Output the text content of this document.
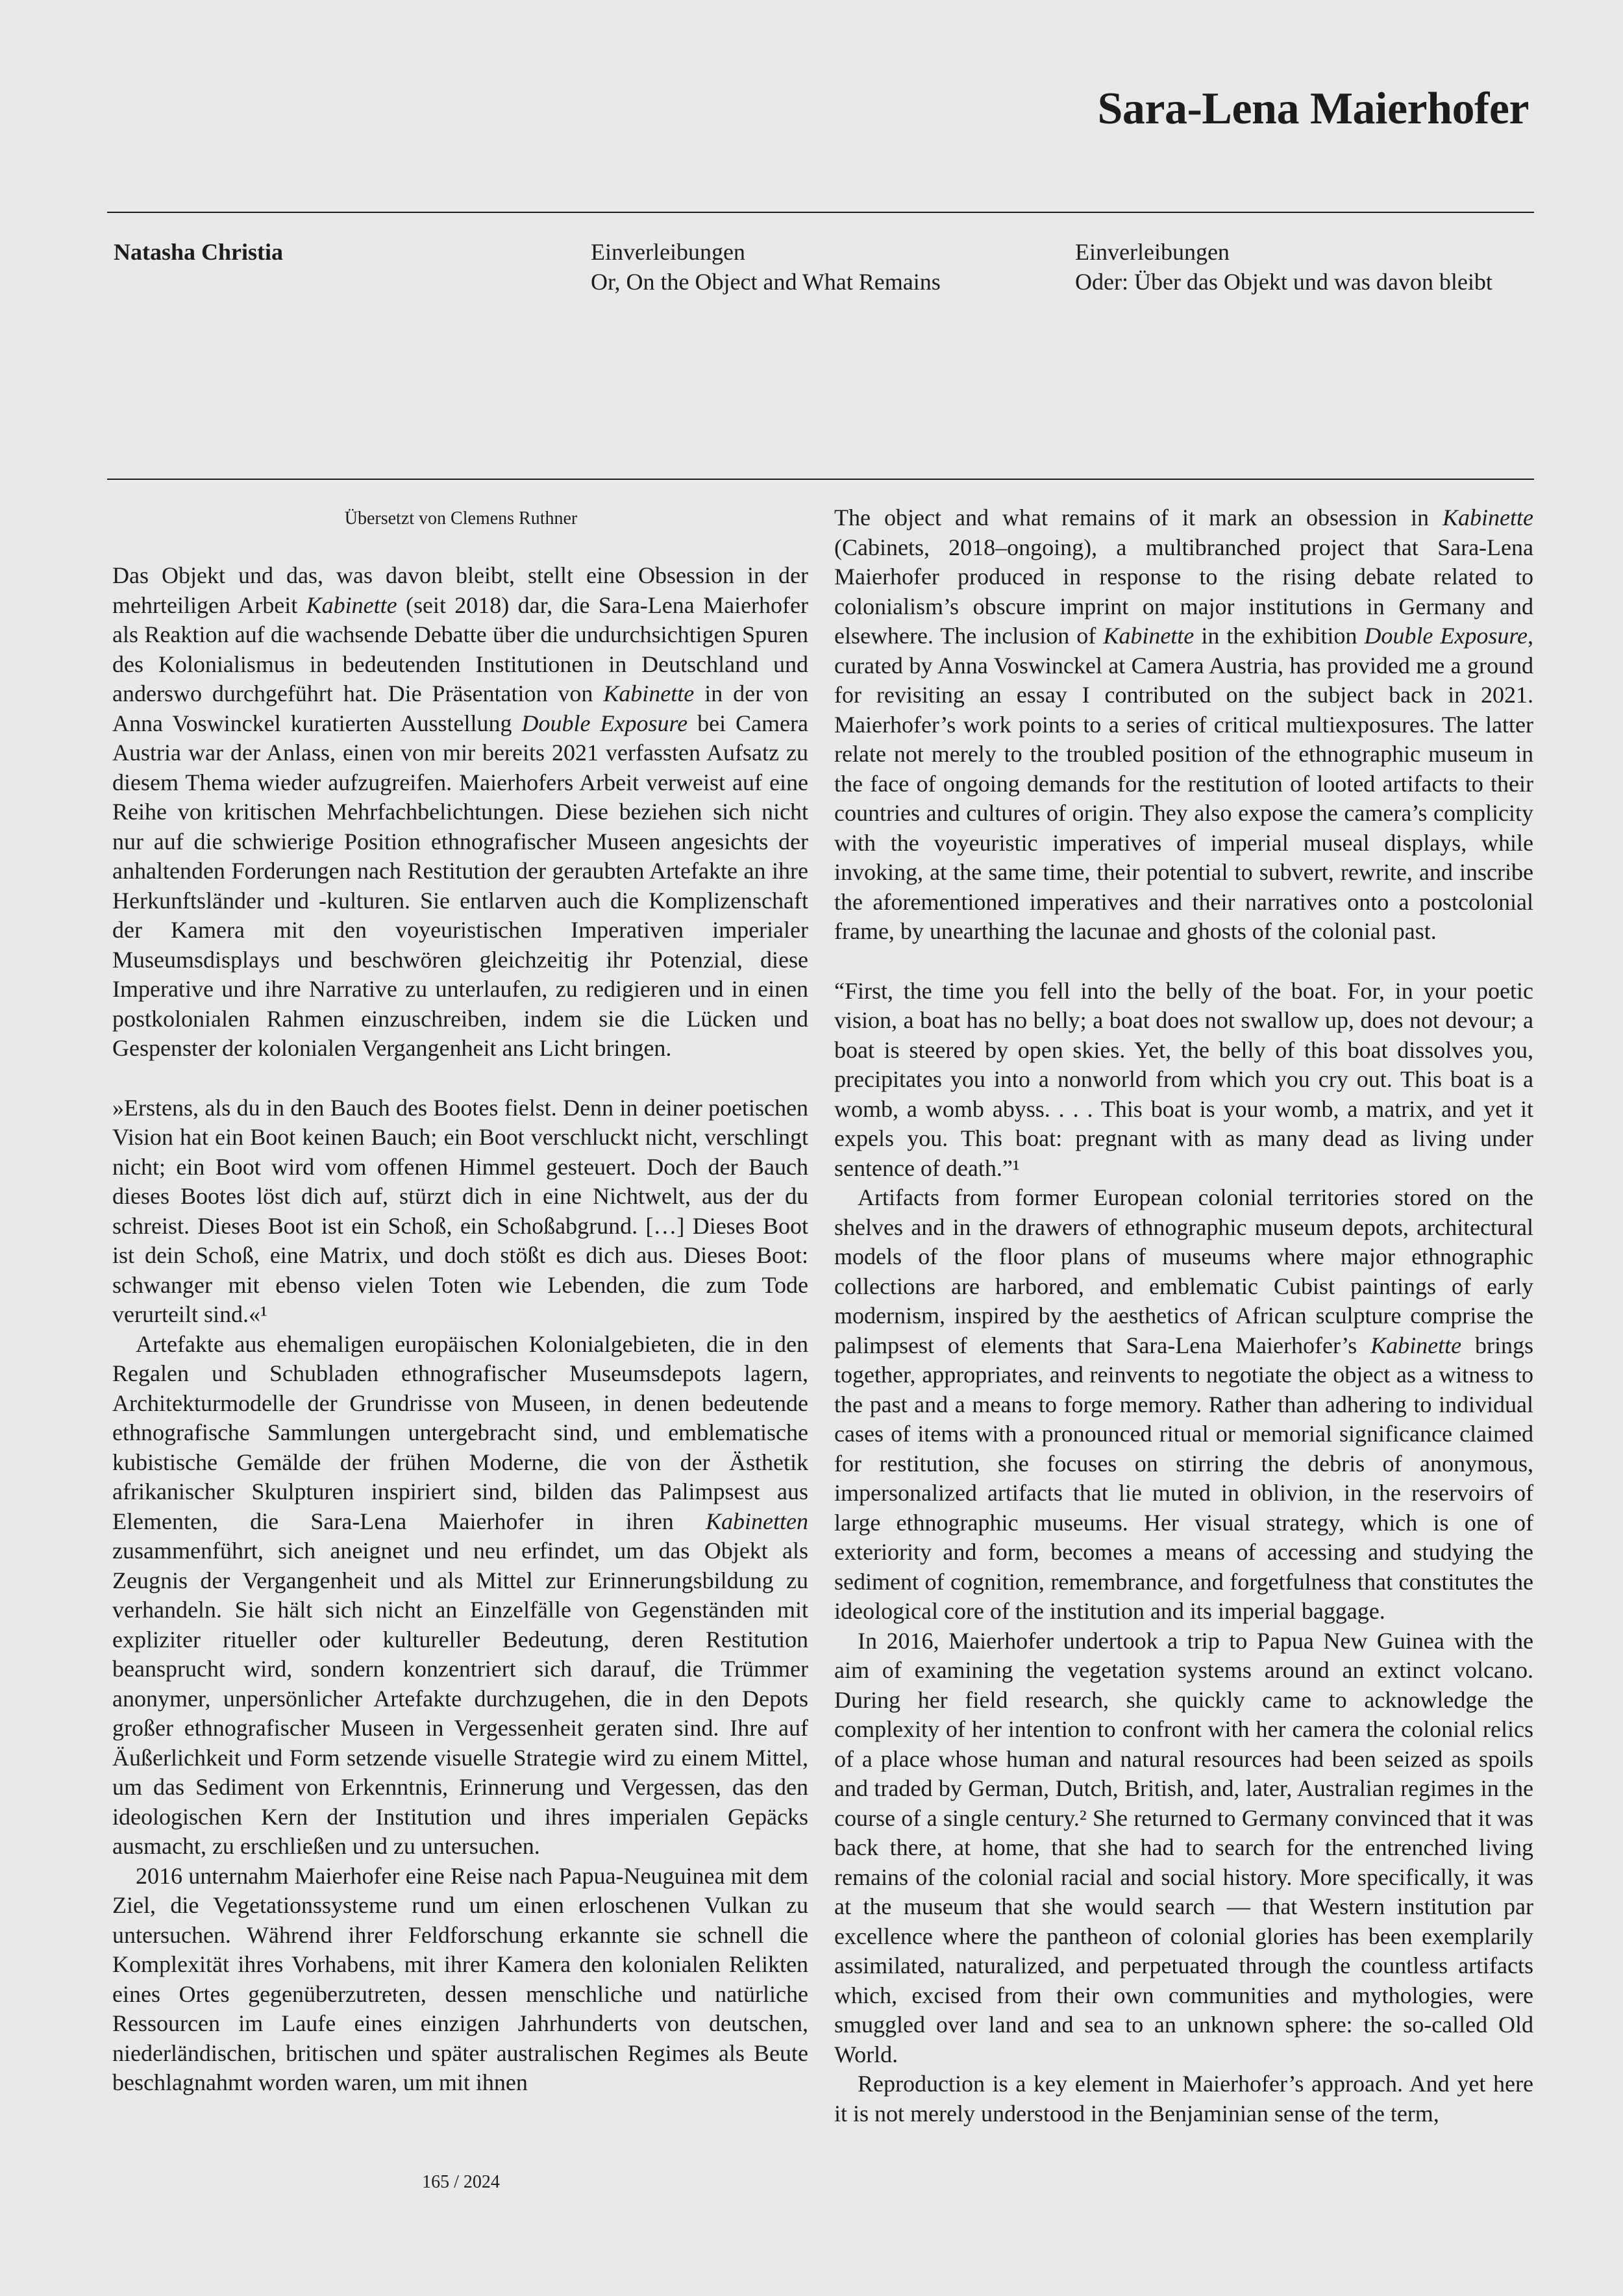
Sara-Lena Maierhofer
Natasha Christia	Einverleibungen
Or, On the Object and What Remains
Einverleibungen
Oder: Über das Objekt und was davon bleibt
Übersetzt von Clemens Ruthner

Das Objekt und das, was davon bleibt, stellt eine Obsession in der mehrteiligen Arbeit Kabinette (seit 2018) dar, die Sara-Lena Maierhofer als Reaktion auf die wachsende Debatte über die undurchsichtigen Spuren des Kolonialismus in bedeutenden Institutionen in Deutschland und anderswo durchgeführt hat. Die Präsentation von Kabinette in der von Anna Voswinckel kuratierten Ausstellung Double Exposure bei Camera Austria war der Anlass, einen von mir bereits 2021 verfassten Aufsatz zu diesem Thema wieder aufzugreifen. Maierhofers Arbeit verweist auf eine Reihe von kritischen Mehrfachbelichtungen. Diese beziehen sich nicht nur auf die schwierige Position ethnografischer Museen angesichts der anhaltenden Forderungen nach Restitution der geraubten Artefakte an ihre Herkunftsländer und -kulturen. Sie entlarven auch die Komplizenschaft der Kamera mit den voyeuristischen Imperativen imperialer Museumsdisplays und beschwören gleichzeitig ihr Potenzial, diese Imperative und ihre Narrative zu unterlaufen, zu redigieren und in einen postkolonialen Rahmen einzuschreiben, indem sie die Lücken und Gespenster der kolonialen Vergangenheit ans Licht bringen.

»Erstens, als du in den Bauch des Bootes fielst. Denn in deiner poetischen Vision hat ein Boot keinen Bauch; ein Boot verschluckt nicht, verschlingt nicht; ein Boot wird vom offenen Himmel gesteuert. Doch der Bauch dieses Bootes löst dich auf, stürzt dich in eine Nichtwelt, aus der du schreist. Dieses Boot ist ein Schoß, ein Schoßabgrund. […] Dieses Boot ist dein Schoß, eine Matrix, und doch stößt es dich aus. Dieses Boot: schwanger mit ebenso vielen Toten wie Lebenden, die zum Tode verurteilt sind.«¹

Artefakte aus ehemaligen europäischen Kolonialgebieten, die in den Regalen und Schubladen ethnografischer Museumsdepots lagern, Architekturmodelle der Grundrisse von Museen, in denen bedeutende ethnografische Sammlungen untergebracht sind, und emblematische kubistische Gemälde der frühen Moderne, die von der Ästhetik afrikanischer Skulpturen inspiriert sind, bilden das Palimpsest aus Elementen, die Sara-Lena Maierhofer in ihren Kabinetten zusammenführt, sich aneignet und neu erfindet, um das Objekt als Zeugnis der Vergangenheit und als Mittel zur Erinnerungsbildung zu verhandeln. Sie hält sich nicht an Einzelfälle von Gegenständen mit expliziter ritueller oder kultureller Bedeutung, deren Restitution beansprucht wird, sondern konzentriert sich darauf, die Trümmer anonymer, unpersönlicher Artefakte durchzugehen, die in den Depots großer ethnografischer Museen in Vergessenheit geraten sind. Ihre auf Äußerlichkeit und Form setzende visuelle Strategie wird zu einem Mittel, um das Sediment von Erkenntnis, Erinnerung und Vergessen, das den ideologischen Kern der Institution und ihres imperialen Gepäcks ausmacht, zu erschließen und zu untersuchen.

2016 unternahm Maierhofer eine Reise nach Papua-Neuguinea mit dem Ziel, die Vegetationssysteme rund um einen erloschenen Vulkan zu untersuchen. Während ihrer Feldforschung erkannte sie schnell die Komplexität ihres Vorhabens, mit ihrer Kamera den kolonialen Relikten eines Ortes gegenüberzutreten, dessen menschliche und natürliche Ressourcen im Laufe eines einzigen Jahrhunderts von deutschen, niederländischen, britischen und später australischen Regimes als Beute beschlagnahmt worden waren, um mit ihnen

The object and what remains of it mark an obsession in Kabinette (Cabinets, 2018–ongoing), a multibranched project that Sara-Lena Maierhofer produced in response to the rising debate related to colonialism’s obscure imprint on major institutions in Germany and elsewhere. The inclusion of Kabinette in the exhibition Double Exposure, curated by Anna Voswinckel at Camera Austria, has provided me a ground for revisiting an essay I contributed on the subject back in 2021. Maierhofer’s work points to a series of critical multiexposures. The latter relate not merely to the troubled position of the ethnographic museum in the face of ongoing demands for the restitution of looted artifacts to their countries and cultures of origin. They also expose the camera’s complicity with the voyeuristic imperatives of imperial museal displays, while invoking, at the same time, their potential to subvert, rewrite, and inscribe the aforementioned imperatives and their narratives onto a postcolonial frame, by unearthing the lacunae and ghosts of the colonial past.

“First, the time you fell into the belly of the boat. For, in your poetic vision, a boat has no belly; a boat does not swallow up, does not devour; a boat is steered by open skies. Yet, the belly of this boat dissolves you, precipitates you into a nonworld from which you cry out. This boat is a womb, a womb abyss. . . . This boat is your womb, a matrix, and yet it expels you. This boat: pregnant with as many dead as living under sentence of death.”¹

Artifacts from former European colonial territories stored on the shelves and in the drawers of ethnographic museum depots, architectural models of the floor plans of museums where major ethnographic collections are harbored, and emblematic Cubist paintings of early modernism, inspired by the aesthetics of African sculpture comprise the palimpsest of elements that Sara-Lena Maierhofer’s Kabinette brings together, appropriates, and reinvents to negotiate the object as a witness to the past and a means to forge memory. Rather than adhering to individual cases of items with a pronounced ritual or memorial significance claimed for restitution, she focuses on stirring the debris of anonymous, impersonalized artifacts that lie muted in oblivion, in the reservoirs of large ethnographic museums. Her visual strategy, which is one of exteriority and form, becomes a means of accessing and studying the sediment of cognition, remembrance, and forgetfulness that constitutes the ideological core of the institution and its imperial baggage.

In 2016, Maierhofer undertook a trip to Papua New Guinea with the aim of examining the vegetation systems around an extinct volcano. During her field research, she quickly came to acknowledge the complexity of her intention to confront with her camera the colonial relics of a place whose human and natural resources had been seized as spoils and traded by German, Dutch, British, and, later, Australian regimes in the course of a single century.² She returned to Germany convinced that it was back there, at home, that she had to search for the entrenched living remains of the colonial racial and social history. More specifically, it was at the museum that she would search — that Western institution par excellence where the pantheon of colonial glories has been exemplarily assimilated, naturalized, and perpetuated through the countless artifacts which, excised from their own communities and mythologies, were smuggled over land and sea to an unknown sphere: the so-called Old World.

Reproduction is a key element in Maierhofer’s approach. And yet here it is not merely understood in the Benjaminian sense of the term,

165 / 2024
